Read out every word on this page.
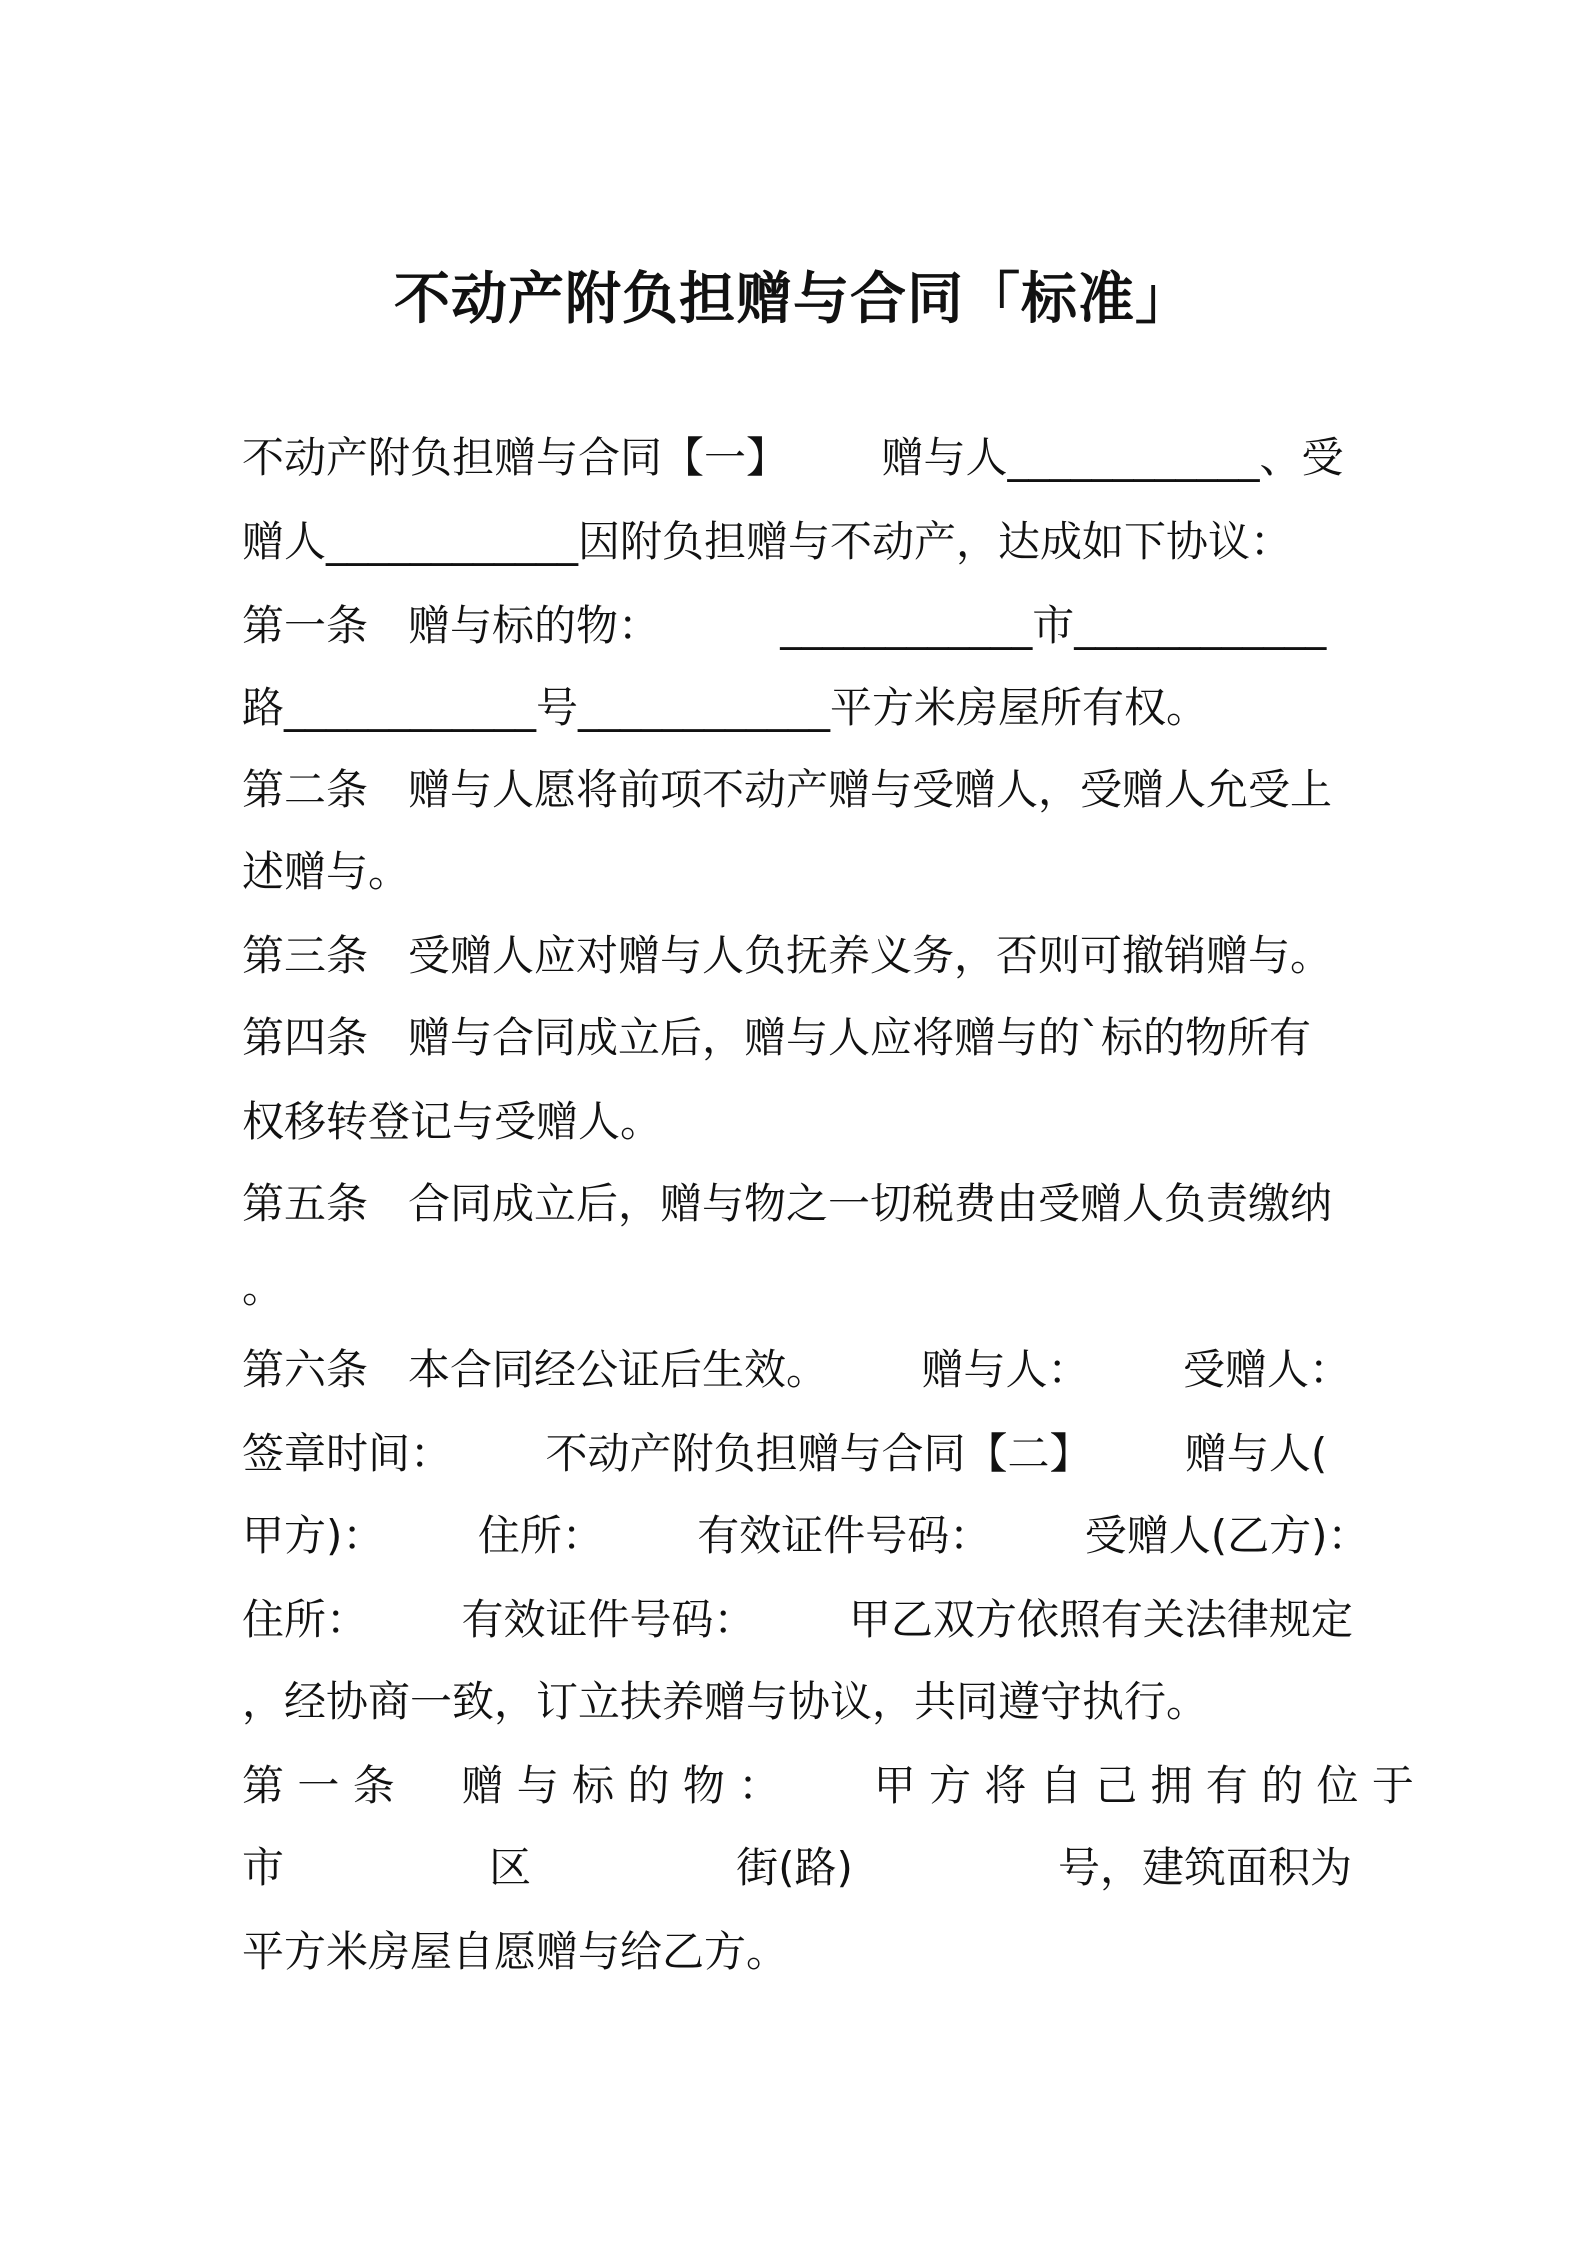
不动产附负担赠与合同「标准」
不动产附负担赠与合同【一】       赠与人____________、受
赠人____________因附负担赠与不动产，达成如下协议：
第一条   赠与标的物：         ____________市____________
路____________号____________平方米房屋所有权。
第二条   赠与人愿将前项不动产赠与受赠人，受赠人允受上
述赠与。
第三条   受赠人应对赠与人负抚养义务，否则可撤销赠与。
第四条   赠与合同成立后，赠与人应将赠与的`标的物所有
权移转登记与受赠人。
第五条   合同成立后，赠与物之一切税费由受赠人负责缴纳
。
第六条   本合同经公证后生效。       赠与人：       受赠人：
签章时间：       不动产附负担赠与合同【二】       赠与人(
甲方)：       住所：       有效证件号码：       受赠人(乙方)：
住所：       有效证件号码：       甲乙双方依照有关法律规定
，经协商一致，订立扶养赠与协议，共同遵守执行。
第 一 条     赠 与 标 的 物 ：       甲 方 将 自 己 拥 有 的 位 于
市	区	街(路)	号，建筑面积为
平方米房屋自愿赠与给乙方。
